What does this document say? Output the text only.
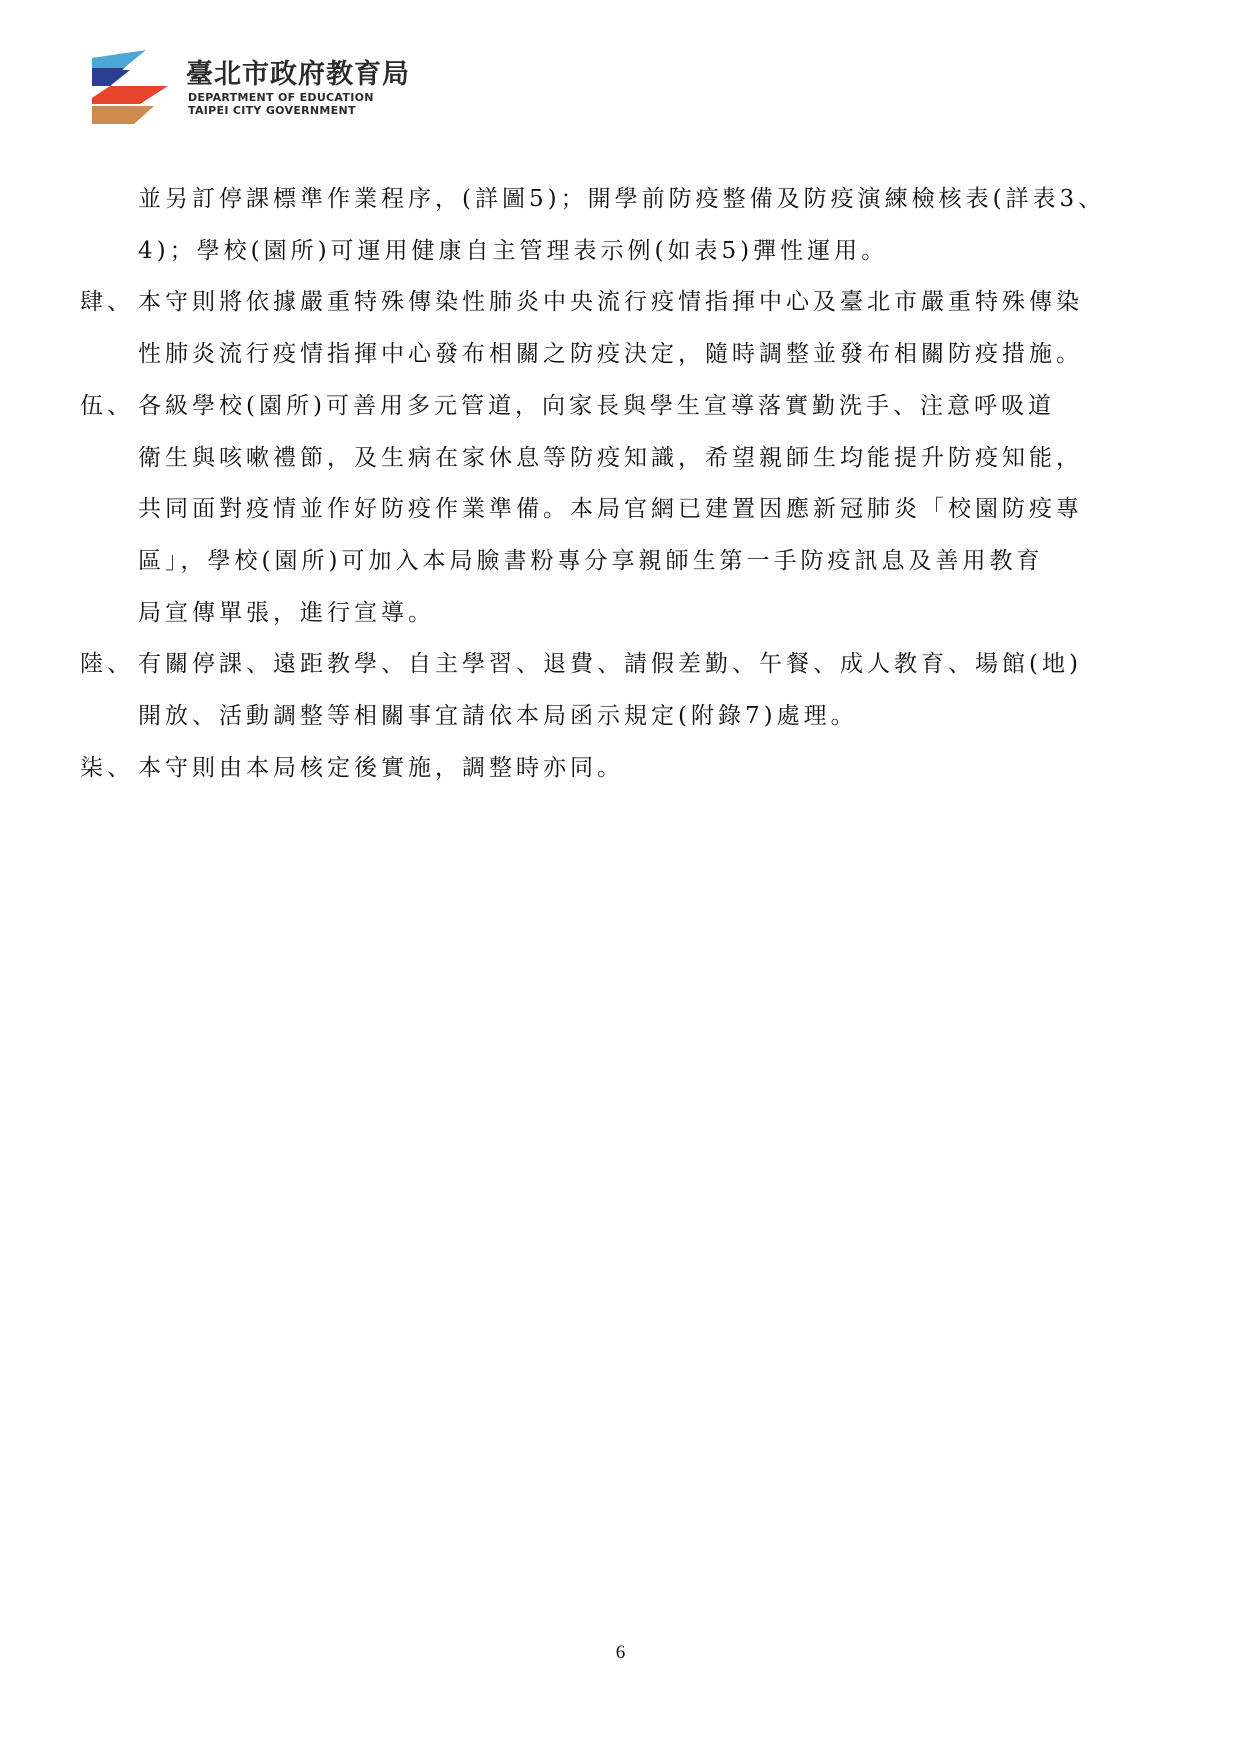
臺北市政府教育局
DEPARTMENT OF EDUCATION
TAIPEI CITY GOVERNMENT
並另訂停課標準作業程序，(詳圖5)；開學前防疫整備及防疫演練檢核表(詳表3、
4)；學校(園所)可運用健康自主管理表示例(如表5)彈性運用。
肆、 本守則將依據嚴重特殊傳染性肺炎中央流行疫情指揮中心及臺北市嚴重特殊傳染
性肺炎流行疫情指揮中心發布相關之防疫決定，隨時調整並發布相關防疫措施。
伍、 各級學校(園所)可善用多元管道，向家長與學生宣導落實勤洗手、注意呼吸道
衛生與咳嗽禮節，及生病在家休息等防疫知識，希望親師生均能提升防疫知能，
共同面對疫情並作好防疫作業準備。本局官網已建置因應新冠肺炎「校園防疫專
區」，學校(園所)可加入本局臉書粉專分享親師生第一手防疫訊息及善用教育
局宣傳單張，進行宣導。
陸、 有關停課、遠距教學、自主學習、退費、請假差勤、午餐、成人教育、場館(地)
開放、活動調整等相關事宜請依本局函示規定(附錄7)處理。
柒、 本守則由本局核定後實施，調整時亦同。
6
